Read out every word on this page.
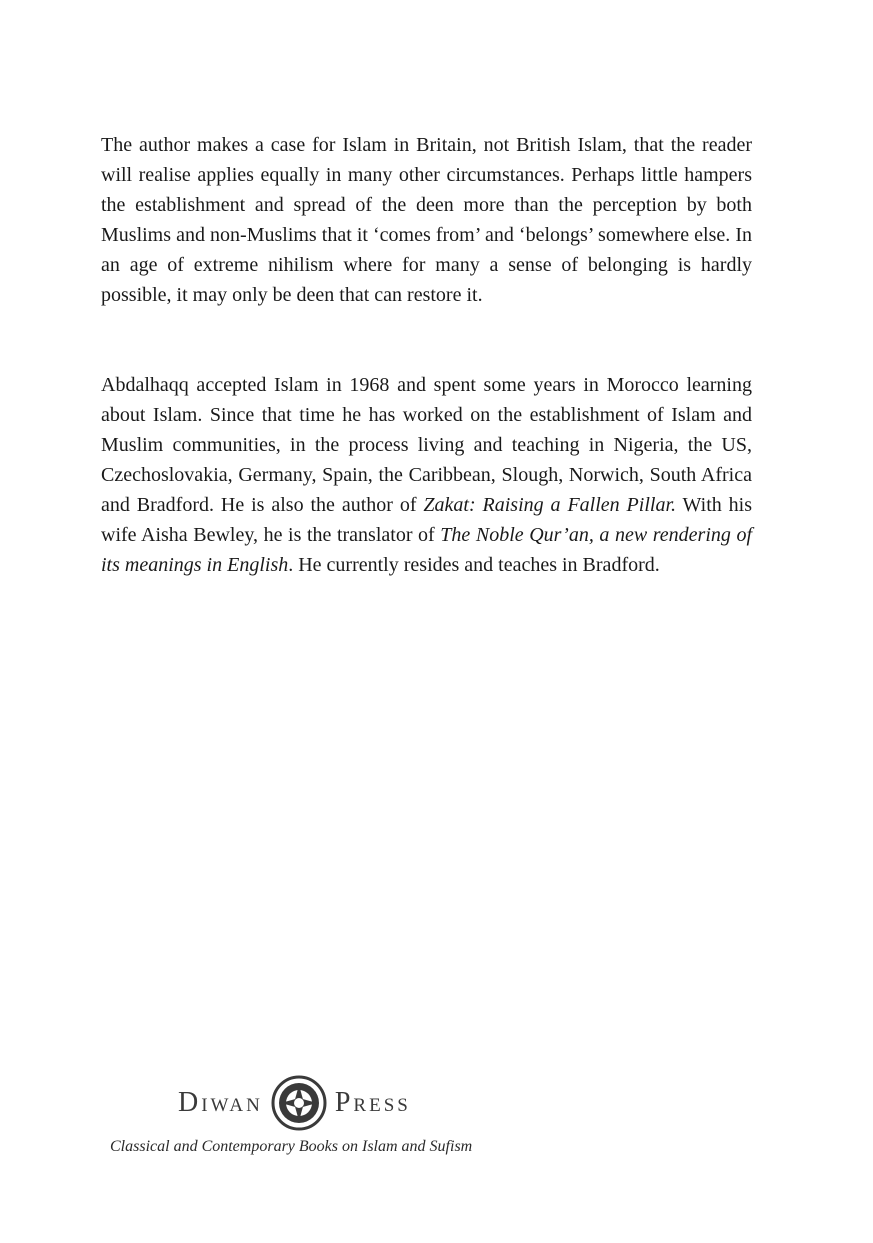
The author makes a case for Islam in Britain, not British Islam, that the reader will realise applies equally in many other circumstances. Perhaps little hampers the establishment and spread of the deen more than the perception by both Muslims and non-Muslims that it ‘comes from’ and ‘belongs’ somewhere else. In an age of extreme nihilism where for many a sense of belonging is hardly possible, it may only be deen that can restore it.

Abdalhaqq accepted Islam in 1968 and spent some years in Morocco learning about Islam. Since that time he has worked on the establishment of Islam and Muslim communities, in the process living and teaching in Nigeria, the US, Czechoslovakia, Germany, Spain, the Caribbean, Slough, Norwich, South Africa and Bradford. He is also the author of Zakat: Raising a Fallen Pillar. With his wife Aisha Bewley, he is the translator of The Noble Qur’an, a new rendering of its meanings in English. He currently resides and teaches in Bradford.

DIWAN	PRESS

Classical and Contemporary Books on Islam and Sufism
